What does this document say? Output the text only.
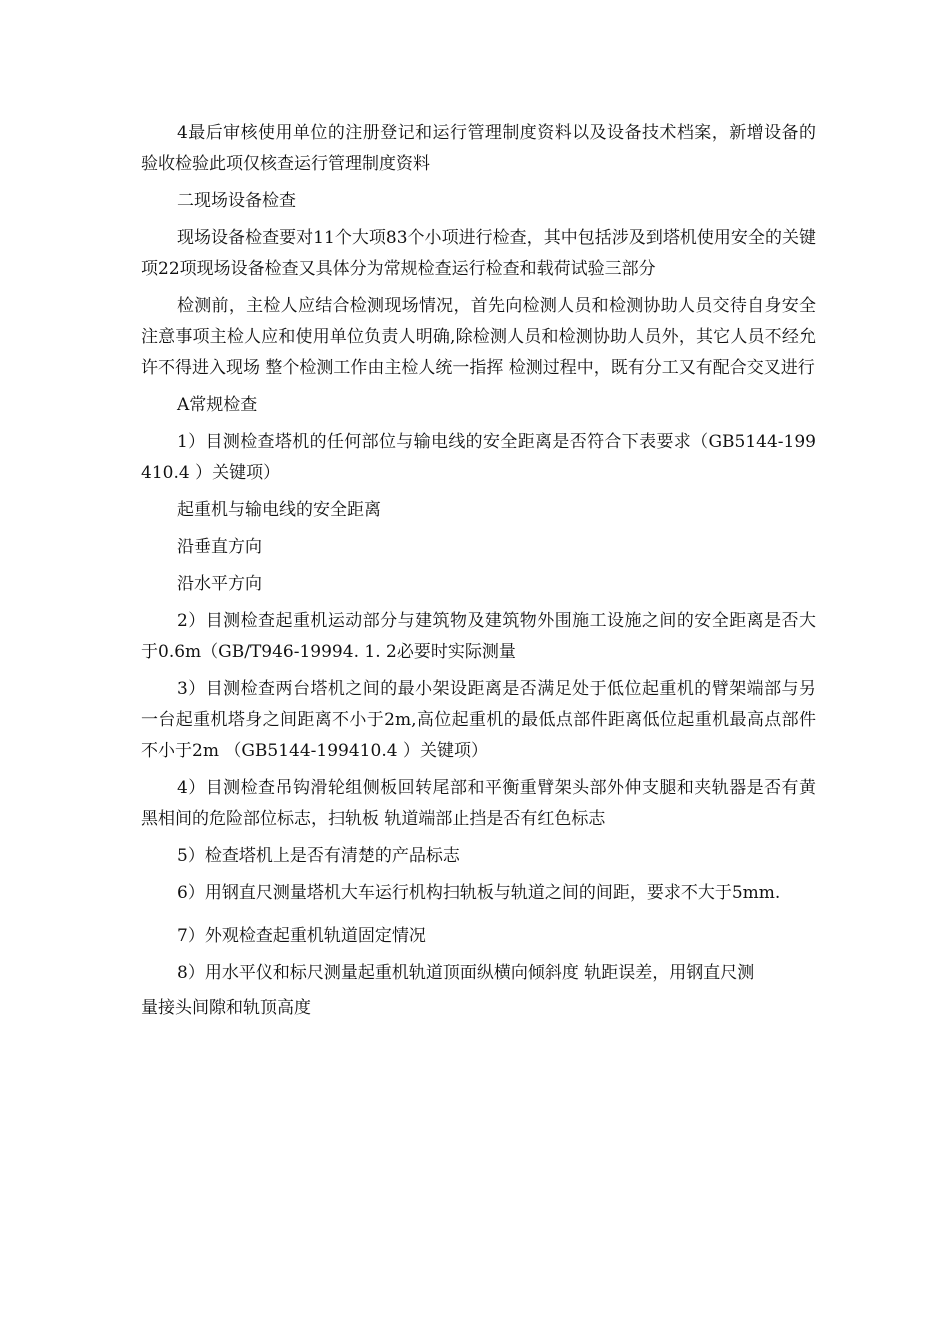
4最后审核使用单位的注册登记和运行管理制度资料以及设备技术档案，新增设备的验收检验此项仅核查运行管理制度资料

二现场设备检查

现场设备检查要对11个大项83个小项进行检查，其中包括涉及到塔机使用安全的关键项22项现场设备检查又具体分为常规检查运行检查和载荷试验三部分

检测前，主检人应结合检测现场情况，首先向检测人员和检测协助人员交待自身安全注意事项主检人应和使用单位负责人明确,除检测人员和检测协助人员外，其它人员不经允许不得进入现场 整个检测工作由主检人统一指挥 检测过程中，既有分工又有配合交叉进行

A常规检查

1）目测检查塔机的任何部位与输电线的安全距离是否符合下表要求（GB5144-199410.4 ）关键项）

起重机与输电线的安全距离

沿垂直方向

沿水平方向

2）目测检查起重机运动部分与建筑物及建筑物外围施工设施之间的安全距离是否大于0.6m（GB/T946-19994. 1. 2必要时实际测量

3）目测检查两台塔机之间的最小架设距离是否满足处于低位起重机的臂架端部与另一台起重机塔身之间距离不小于2m,高位起重机的最低点部件距离低位起重机最高点部件不小于2m （GB5144-199410.4 ）关键项）

4）目测检查吊钩滑轮组侧板回转尾部和平衡重臂架头部外伸支腿和夹轨器是否有黄黑相间的危险部位标志，扫轨板 轨道端部止挡是否有红色标志

5）检查塔机上是否有清楚的产品标志

6）用钢直尺测量塔机大车运行机构扫轨板与轨道之间的间距，要求不大于5mm.

7）外观检查起重机轨道固定情况

8）用水平仪和标尺测量起重机轨道顶面纵横向倾斜度 轨距误差，用钢直尺测

量接头间隙和轨顶高度
